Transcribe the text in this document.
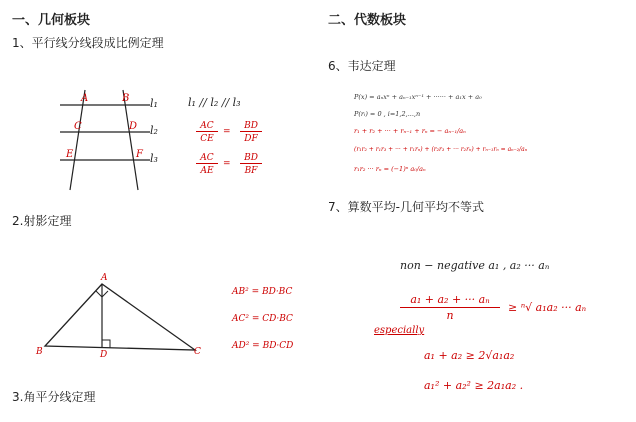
一、几何板块
1、平行线分线段成比例定理
A	B
C	D
E	F
l₁
l₂
l₃
l₁ // l₂ // l₃
AC
CE
=
BD
DF
AC
AE
=
BD
BF
2.射影定理
A
B	C
D
AB² = BD·BC
AC² = CD·BC
AD² = BD·CD
3.角平分线定理
二、代数板块
6、韦达定理
P(x) = aₙxⁿ + aₙ₋₁xⁿ⁻¹ + ······ + a₁x + a₀
P(rᵢ) = 0 , i=1,2,...,n
r₁ + r₂ + ··· + rₙ₋₁ + rₙ = − aₙ₋₁/aₙ
(r₁r₂ + r₁r₃ + ··· + r₁rₙ) + (r₂r₃ + ··· r₂rₙ) + rₙ₋₁rₙ = aₙ₋₂/aₙ
r₁r₂ ··· rₙ = (−1)ⁿ a₀/aₙ
7、算数平均-几何平均不等式
non − negative a₁ , a₂ ··· aₙ
$\frac{\text{a₁ + a₂ + ··· aₙ}}{n}$
≥ ⁿ√ a₁a₂ ··· aₙ
especially
a₁ + a₂ ≥ 2√a₁a₂
a₁² + a₂² ≥ 2a₁a₂ .
